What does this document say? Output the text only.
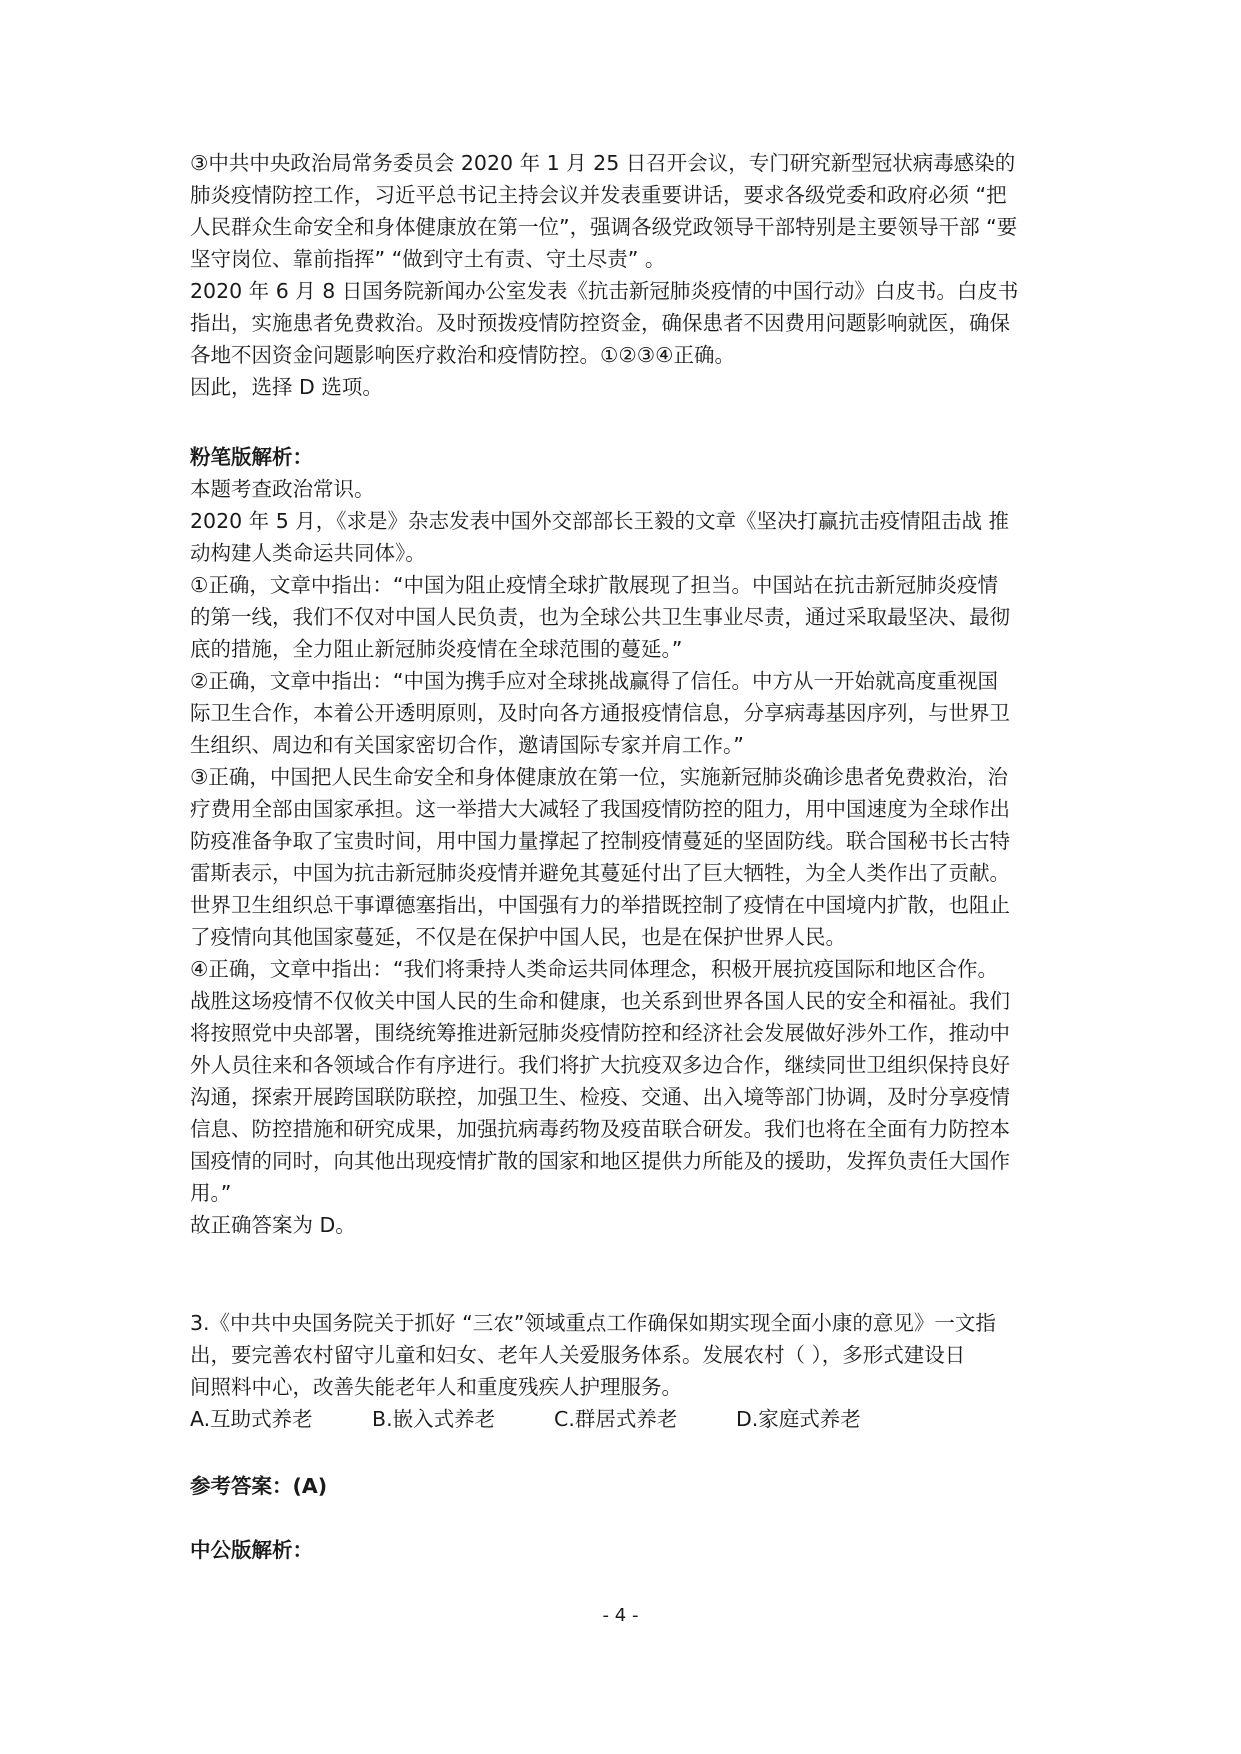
③中共中央政治局常务委员会 2020 年 1 月 25 日召开会议，专门研究新型冠状病毒感染的
肺炎疫情防控工作，习近平总书记主持会议并发表重要讲话，要求各级党委和政府必须 “把
人民群众生命安全和身体健康放在第一位”，强调各级党政领导干部特别是主要领导干部 “要
坚守岗位、靠前指挥” “做到守土有责、守土尽责” 。
2020 年 6 月 8 日国务院新闻办公室发表《抗击新冠肺炎疫情的中国行动》白皮书。白皮书
指出，实施患者免费救治。及时预拨疫情防控资金，确保患者不因费用问题影响就医，确保
各地不因资金问题影响医疗救治和疫情防控。①②③④正确。
因此，选择 D 选项。
粉笔版解析：
本题考查政治常识。
2020 年 5 月，《求是》杂志发表中国外交部部长王毅的文章《坚决打赢抗击疫情阻击战 推
动构建人类命运共同体》。
①正确，文章中指出：“中国为阻止疫情全球扩散展现了担当。中国站在抗击新冠肺炎疫情
的第一线，我们不仅对中国人民负责，也为全球公共卫生事业尽责，通过采取最坚决、最彻
底的措施，全力阻止新冠肺炎疫情在全球范围的蔓延。”
②正确，文章中指出：“中国为携手应对全球挑战赢得了信任。中方从一开始就高度重视国
际卫生合作，本着公开透明原则，及时向各方通报疫情信息，分享病毒基因序列，与世界卫
生组织、周边和有关国家密切合作，邀请国际专家并肩工作。”
③正确，中国把人民生命安全和身体健康放在第一位，实施新冠肺炎确诊患者免费救治，治
疗费用全部由国家承担。这一举措大大减轻了我国疫情防控的阻力，用中国速度为全球作出
防疫准备争取了宝贵时间，用中国力量撑起了控制疫情蔓延的坚固防线。联合国秘书长古特
雷斯表示，中国为抗击新冠肺炎疫情并避免其蔓延付出了巨大牺牲，为全人类作出了贡献。
世界卫生组织总干事谭德塞指出，中国强有力的举措既控制了疫情在中国境内扩散，也阻止
了疫情向其他国家蔓延，不仅是在保护中国人民，也是在保护世界人民。
④正确，文章中指出：“我们将秉持人类命运共同体理念，积极开展抗疫国际和地区合作。
战胜这场疫情不仅攸关中国人民的生命和健康，也关系到世界各国人民的安全和福祉。我们
将按照党中央部署，围绕统筹推进新冠肺炎疫情防控和经济社会发展做好涉外工作，推动中
外人员往来和各领域合作有序进行。我们将扩大抗疫双多边合作，继续同世卫组织保持良好
沟通，探索开展跨国联防联控，加强卫生、检疫、交通、出入境等部门协调，及时分享疫情
信息、防控措施和研究成果，加强抗病毒药物及疫苗联合研发。我们也将在全面有力防控本
国疫情的同时，向其他出现疫情扩散的国家和地区提供力所能及的援助，发挥负责任大国作
用。”
故正确答案为 D。
3.《中共中央国务院关于抓好 “三农”领域重点工作确保如期实现全面小康的意见》一文指
出，要完善农村留守儿童和妇女、老年人关爱服务体系。发展农村（ ），多形式建设日
间照料中心，改善失能老年人和重度残疾人护理服务。
A.互助式养老	B.嵌入式养老	C.群居式养老	D.家庭式养老
参考答案：(A)
中公版解析：
- 4 -
